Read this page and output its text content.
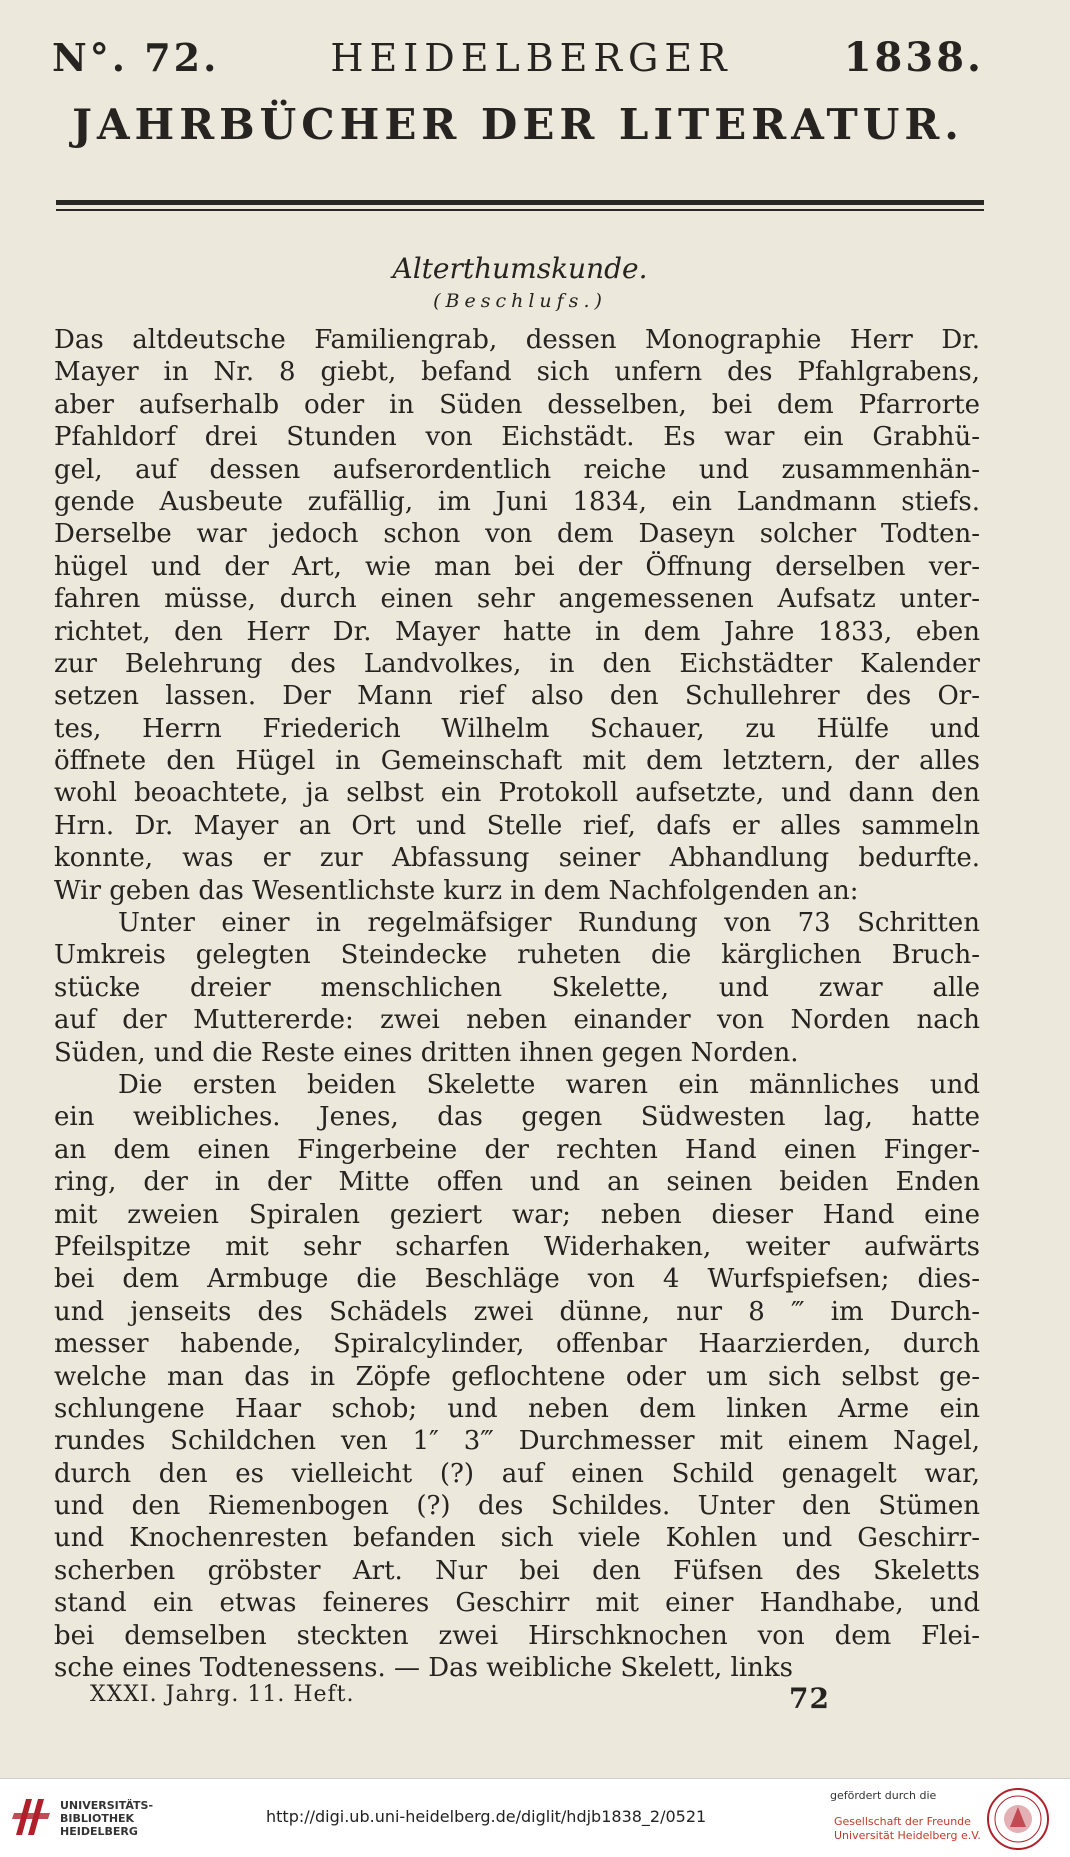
N°. 72.	HEIDELBERGER	1838.
JAHRBÜCHER DER LITERATUR.
Alterthumskunde.
(Beschlufs.)
Das altdeutsche Familiengrab, dessen Monographie Herr Dr.
Mayer in Nr. 8 giebt, befand sich unfern des Pfahlgrabens,
aber aufserhalb oder in Süden desselben, bei dem Pfarrorte
Pfahldorf drei Stunden von Eichstädt. Es war ein Grabhü-
gel, auf dessen aufserordentlich reiche und zusammenhän-
gende Ausbeute zufällig, im Juni 1834, ein Landmann stiefs.
Derselbe war jedoch schon von dem Daseyn solcher Todten-
hügel und der Art, wie man bei der Öffnung derselben ver-
fahren müsse, durch einen sehr angemessenen Aufsatz unter-
richtet, den Herr Dr. Mayer hatte in dem Jahre 1833, eben
zur Belehrung des Landvolkes, in den Eichstädter Kalender
setzen lassen. Der Mann rief also den Schullehrer des Or-
tes, Herrn Friederich Wilhelm Schauer, zu Hülfe und
öffnete den Hügel in Gemeinschaft mit dem letztern, der alles
wohl beoachtete, ja selbst ein Protokoll aufsetzte, und dann den
Hrn. Dr. Mayer an Ort und Stelle rief, dafs er alles sammeln
konnte, was er zur Abfassung seiner Abhandlung bedurfte.
Wir geben das Wesentlichste kurz in dem Nachfolgenden an:
Unter einer in regelmäfsiger Rundung von 73 Schritten
Umkreis gelegten Steindecke ruheten die kärglichen Bruch-
stücke dreier menschlichen Skelette, und zwar alle
auf der Muttererde: zwei neben einander von Norden nach
Süden, und die Reste eines dritten ihnen gegen Norden.
Die ersten beiden Skelette waren ein männliches und
ein weibliches. Jenes, das gegen Südwesten lag, hatte
an dem einen Fingerbeine der rechten Hand einen Finger-
ring, der in der Mitte offen und an seinen beiden Enden
mit zweien Spiralen geziert war; neben dieser Hand eine
Pfeilspitze mit sehr scharfen Widerhaken, weiter aufwärts
bei dem Armbuge die Beschläge von 4 Wurfspiefsen; dies-
und jenseits des Schädels zwei dünne, nur 8 ‴ im Durch-
messer habende, Spiralcylinder, offenbar Haarzierden, durch
welche man das in Zöpfe geflochtene oder um sich selbst ge-
schlungene Haar schob; und neben dem linken Arme ein
rundes Schildchen ven 1″ 3‴ Durchmesser mit einem Nagel,
durch den es vielleicht (?) auf einen Schild genagelt war,
und den Riemenbogen (?) des Schildes. Unter den Stümen
und Knochenresten befanden sich viele Kohlen und Geschirr-
scherben gröbster Art. Nur bei den Füfsen des Skeletts
stand ein etwas feineres Geschirr mit einer Handhabe, und
bei demselben steckten zwei Hirschknochen von dem Flei-
sche eines Todtenessens. — Das weibliche Skelett, links
XXXI. Jahrg. 11. Heft.	72
UNIVERSITÄTS-
BIBLIOTHEK
HEIDELBERG
http://digi.ub.uni-heidelberg.de/diglit/hdjb1838_2/0521
gefördert durch die
Gesellschaft der Freunde
Universität Heidelberg e.V.
